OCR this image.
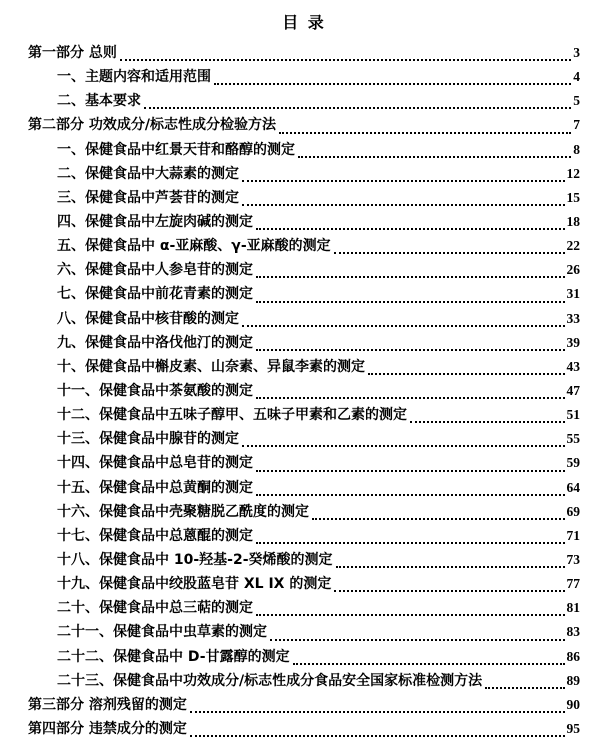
目 录
第一部分 总则	3
一、主题内容和适用范围	4
二、基本要求	5
第二部分 功效成分/标志性成分检验方法	7
一、保健食品中红景天苷和酪醇的测定	8
二、保健食品中大蒜素的测定	12
三、保健食品中芦荟苷的测定	15
四、保健食品中左旋肉碱的测定	18
五、保健食品中 α-亚麻酸、γ-亚麻酸的测定	22
六、保健食品中人参皂苷的测定	26
七、保健食品中前花青素的测定	31
八、保健食品中核苷酸的测定	33
九、保健食品中洛伐他汀的测定	39
十、保健食品中槲皮素、山奈素、异鼠李素的测定	43
十一、保健食品中茶氨酸的测定	47
十二、保健食品中五味子醇甲、五味子甲素和乙素的测定	51
十三、保健食品中腺苷的测定	55
十四、保健食品中总皂苷的测定	59
十五、保健食品中总黄酮的测定	64
十六、保健食品中壳聚糖脱乙酰度的测定	69
十七、保健食品中总蒽醌的测定	71
十八、保健食品中 10-羟基-2-癸烯酸的测定	73
十九、保健食品中绞股蓝皂苷 XL IX 的测定	77
二十、保健食品中总三萜的测定	81
二十一、保健食品中虫草素的测定	83
二十二、保健食品中 D-甘露醇的测定	86
二十三、保健食品中功效成分/标志性成分食品安全国家标准检测方法	89
第三部分 溶剂残留的测定	90
第四部分 违禁成分的测定	95
